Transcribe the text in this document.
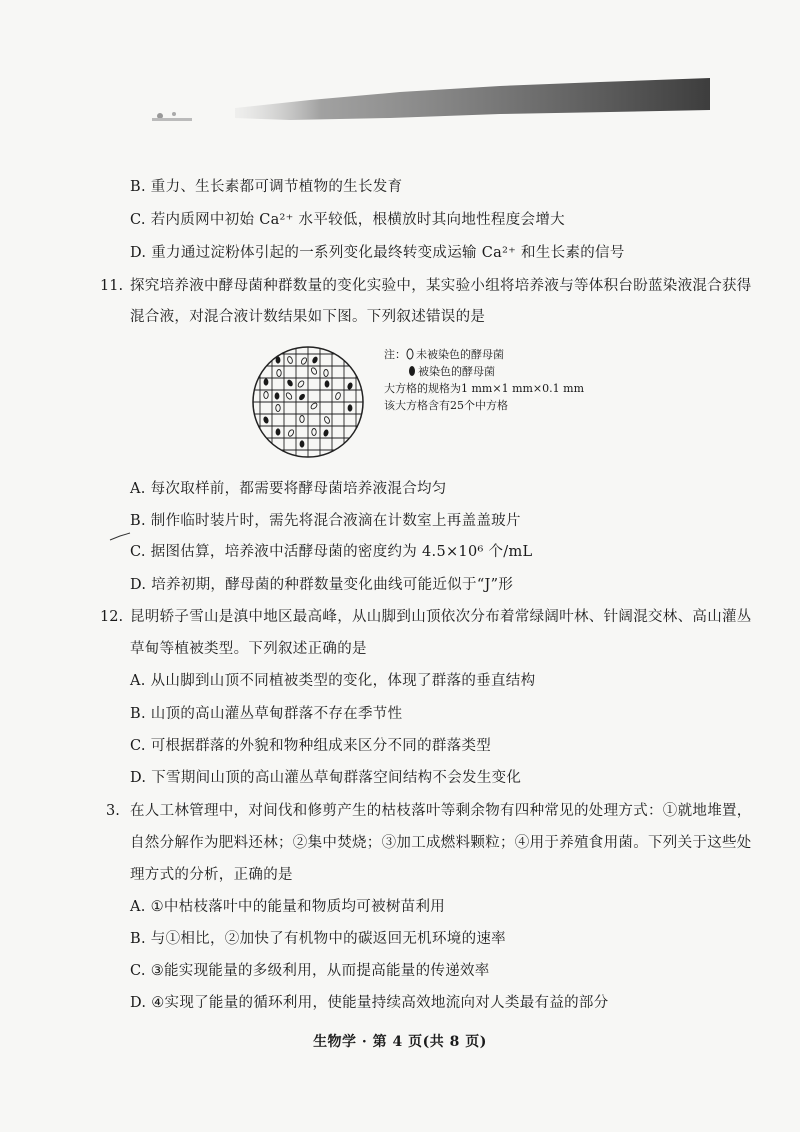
B. 重力、生长素都可调节植物的生长发育
C. 若内质网中初始 Ca²⁺ 水平较低，根横放时其向地性程度会增大
D. 重力通过淀粉体引起的一系列变化最终转变成运输 Ca²⁺ 和生长素的信号
11. 探究培养液中酵母菌种群数量的变化实验中，某实验小组将培养液与等体积台盼蓝染液混合获得
混合液，对混合液计数结果如下图。下列叙述错误的是
注： 未被染色的酵母菌
被染色的酵母菌
大方格的规格为1 mm×1 mm×0.1 mm
该大方格含有25个中方格
A. 每次取样前，都需要将酵母菌培养液混合均匀
B. 制作临时装片时，需先将混合液滴在计数室上再盖盖玻片
C. 据图估算，培养液中活酵母菌的密度约为 4.5×10⁶ 个/mL
D. 培养初期，酵母菌的种群数量变化曲线可能近似于“J”形
12. 昆明轿子雪山是滇中地区最高峰，从山脚到山顶依次分布着常绿阔叶林、针阔混交林、高山灌丛
草甸等植被类型。下列叙述正确的是
A. 从山脚到山顶不同植被类型的变化，体现了群落的垂直结构
B. 山顶的高山灌丛草甸群落不存在季节性
C. 可根据群落的外貌和物种组成来区分不同的群落类型
D. 下雪期间山顶的高山灌丛草甸群落空间结构不会发生变化
3. 在人工林管理中，对间伐和修剪产生的枯枝落叶等剩余物有四种常见的处理方式：①就地堆置，
自然分解作为肥料还林；②集中焚烧；③加工成燃料颗粒；④用于养殖食用菌。下列关于这些处
理方式的分析，正确的是
A. ①中枯枝落叶中的能量和物质均可被树苗利用
B. 与①相比，②加快了有机物中的碳返回无机环境的速率
C. ③能实现能量的多级利用，从而提高能量的传递效率
D. ④实现了能量的循环利用，使能量持续高效地流向对人类最有益的部分
生物学 · 第 4 页(共 8 页)
